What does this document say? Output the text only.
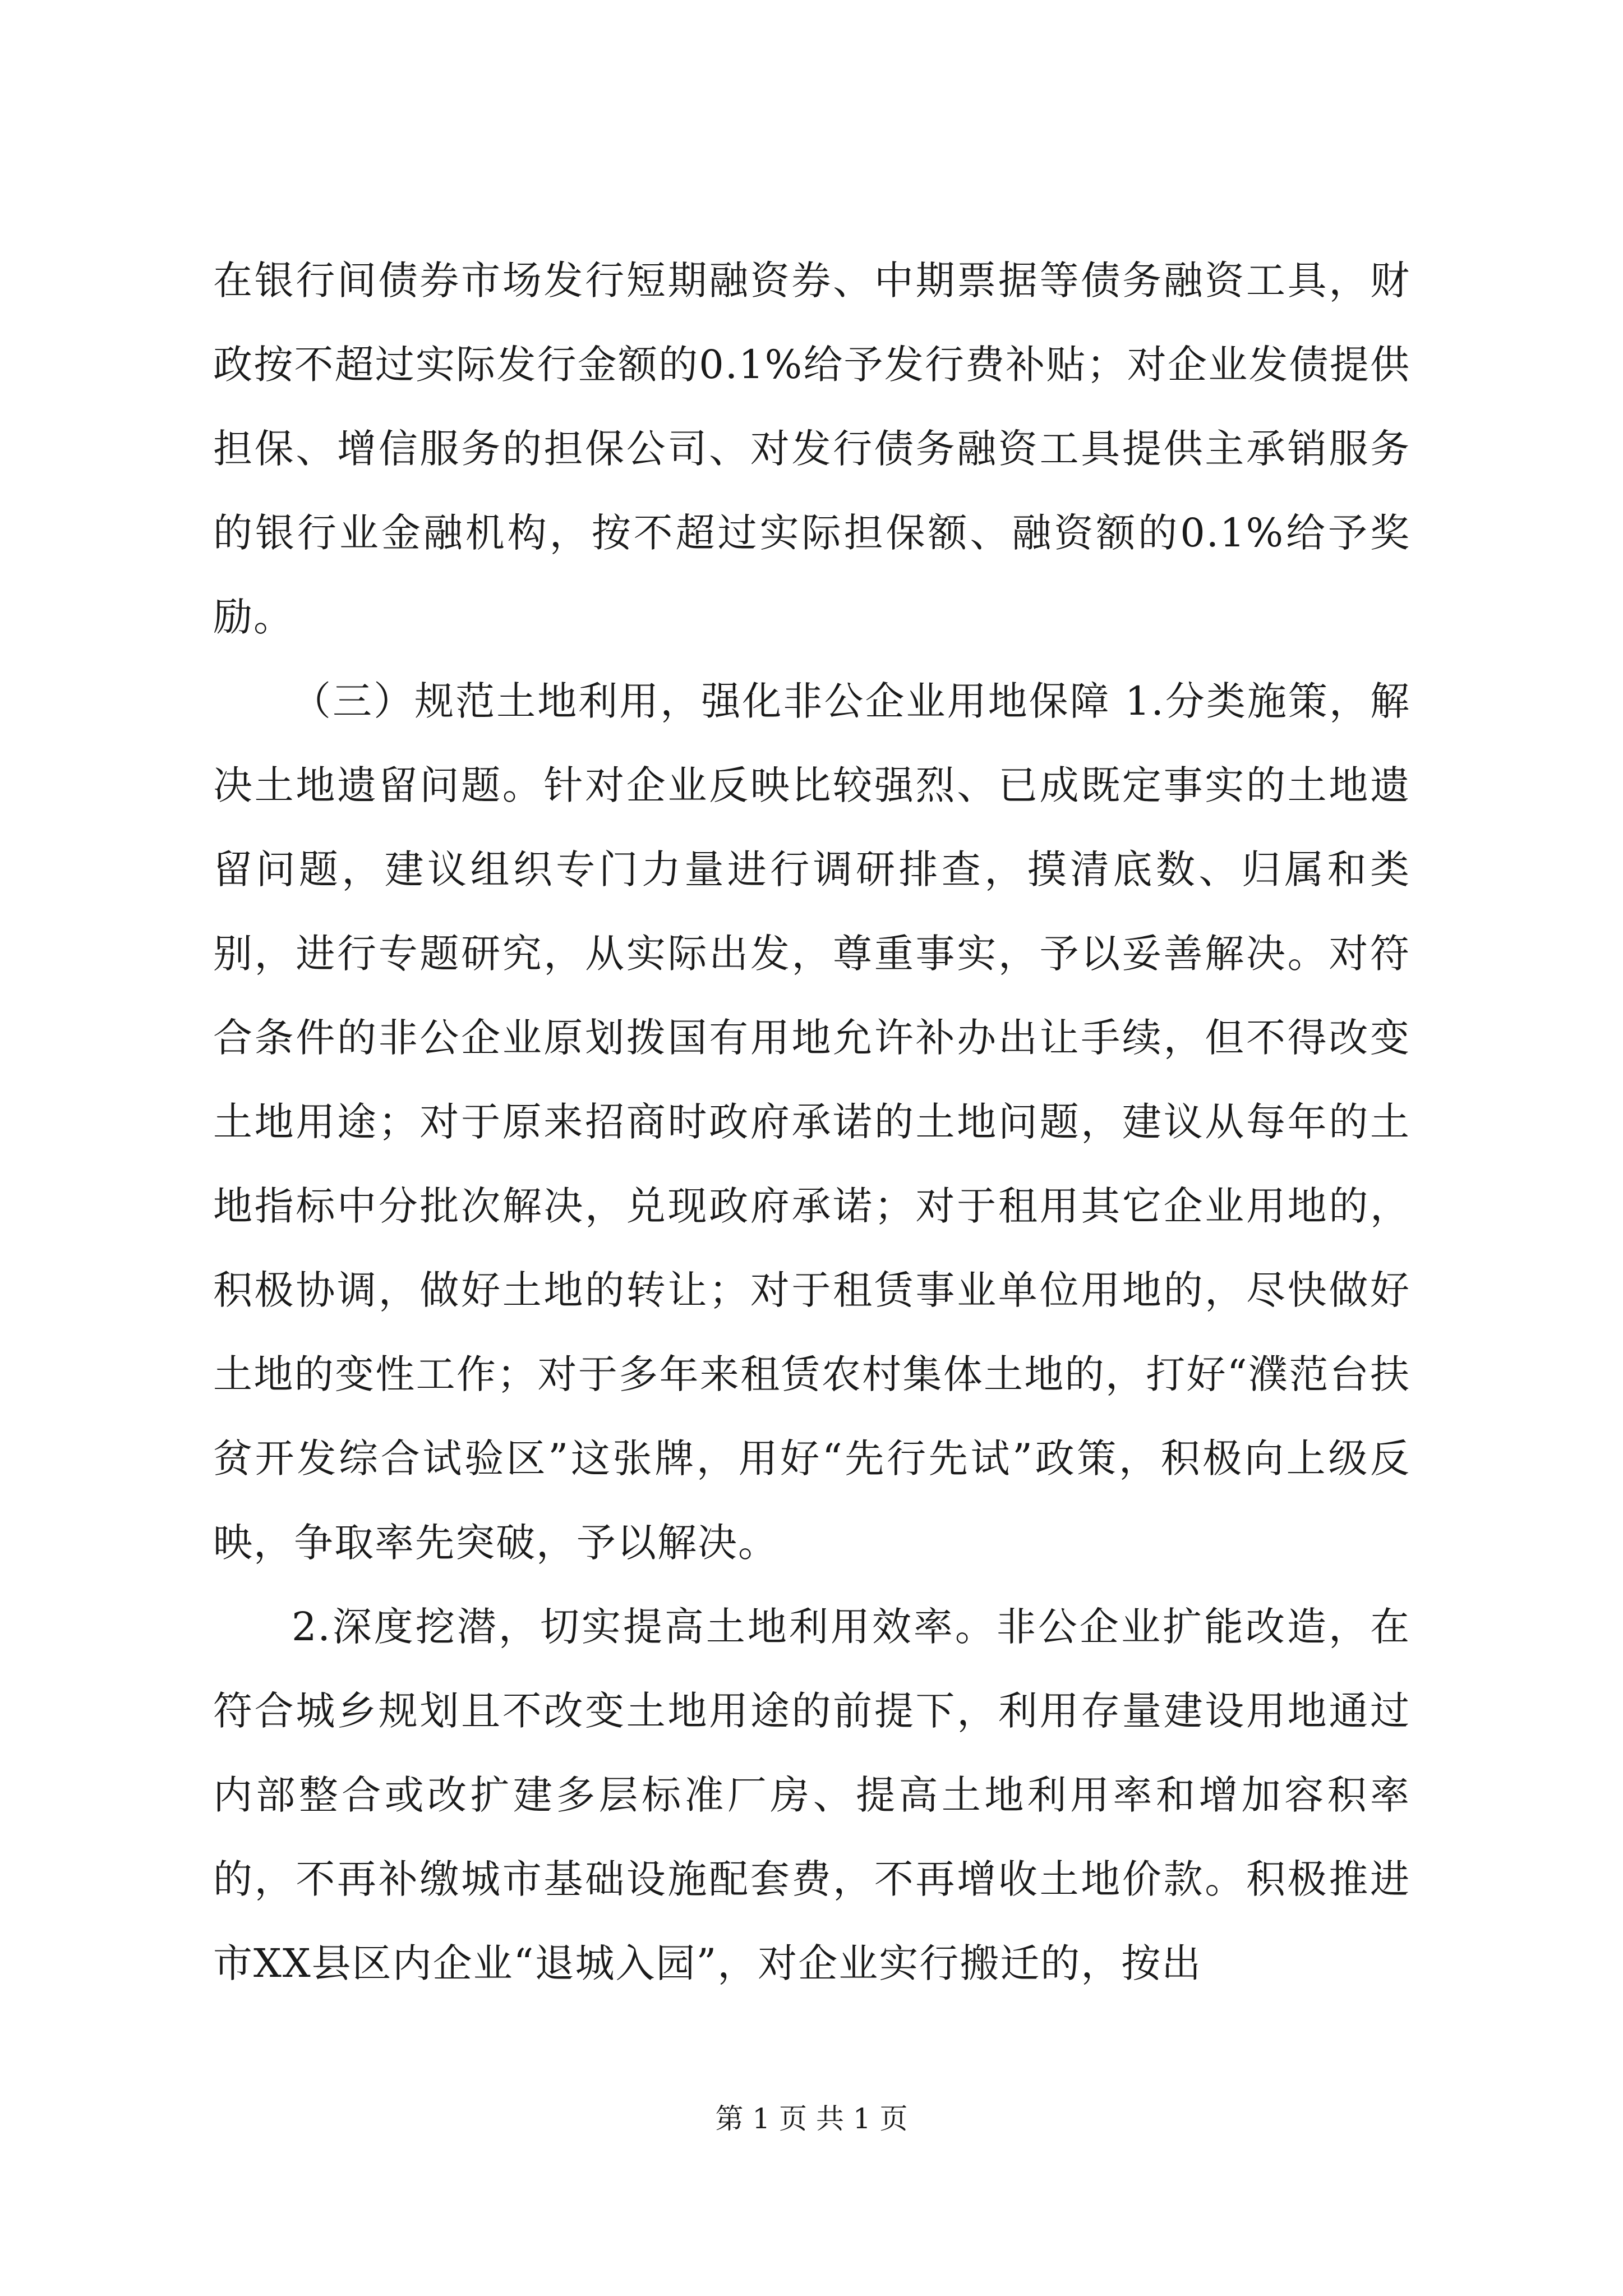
在银行间债券市场发行短期融资券、中期票据等债务融资工具，财政按不超过实际发行金额的0.1%给予发行费补贴；对企业发债提供担保、增信服务的担保公司、对发行债务融资工具提供主承销服务的银行业金融机构，按不超过实际担保额、融资额的0.1%给予奖励。

（三）规范土地利用，强化非公企业用地保障 1.分类施策，解决土地遗留问题。针对企业反映比较强烈、已成既定事实的土地遗留问题，建议组织专门力量进行调研排查，摸清底数、归属和类别，进行专题研究，从实际出发，尊重事实，予以妥善解决。对符合条件的非公企业原划拨国有用地允许补办出让手续，但不得改变土地用途；对于原来招商时政府承诺的土地问题，建议从每年的土地指标中分批次解决，兑现政府承诺；对于租用其它企业用地的，积极协调，做好土地的转让；对于租赁事业单位用地的，尽快做好土地的变性工作；对于多年来租赁农村集体土地的，打好“濮范台扶贫开发综合试验区”这张牌，用好“先行先试”政策，积极向上级反映，争取率先突破，予以解决。

2.深度挖潜，切实提高土地利用效率。非公企业扩能改造，在符合城乡规划且不改变土地用途的前提下，利用存量建设用地通过内部整合或改扩建多层标准厂房、提高土地利用率和增加容积率的，不再补缴城市基础设施配套费，不再增收土地价款。积极推进市XX县区内企业“退城入园”，对企业实行搬迁的，按出

第 1 页 共 1 页
